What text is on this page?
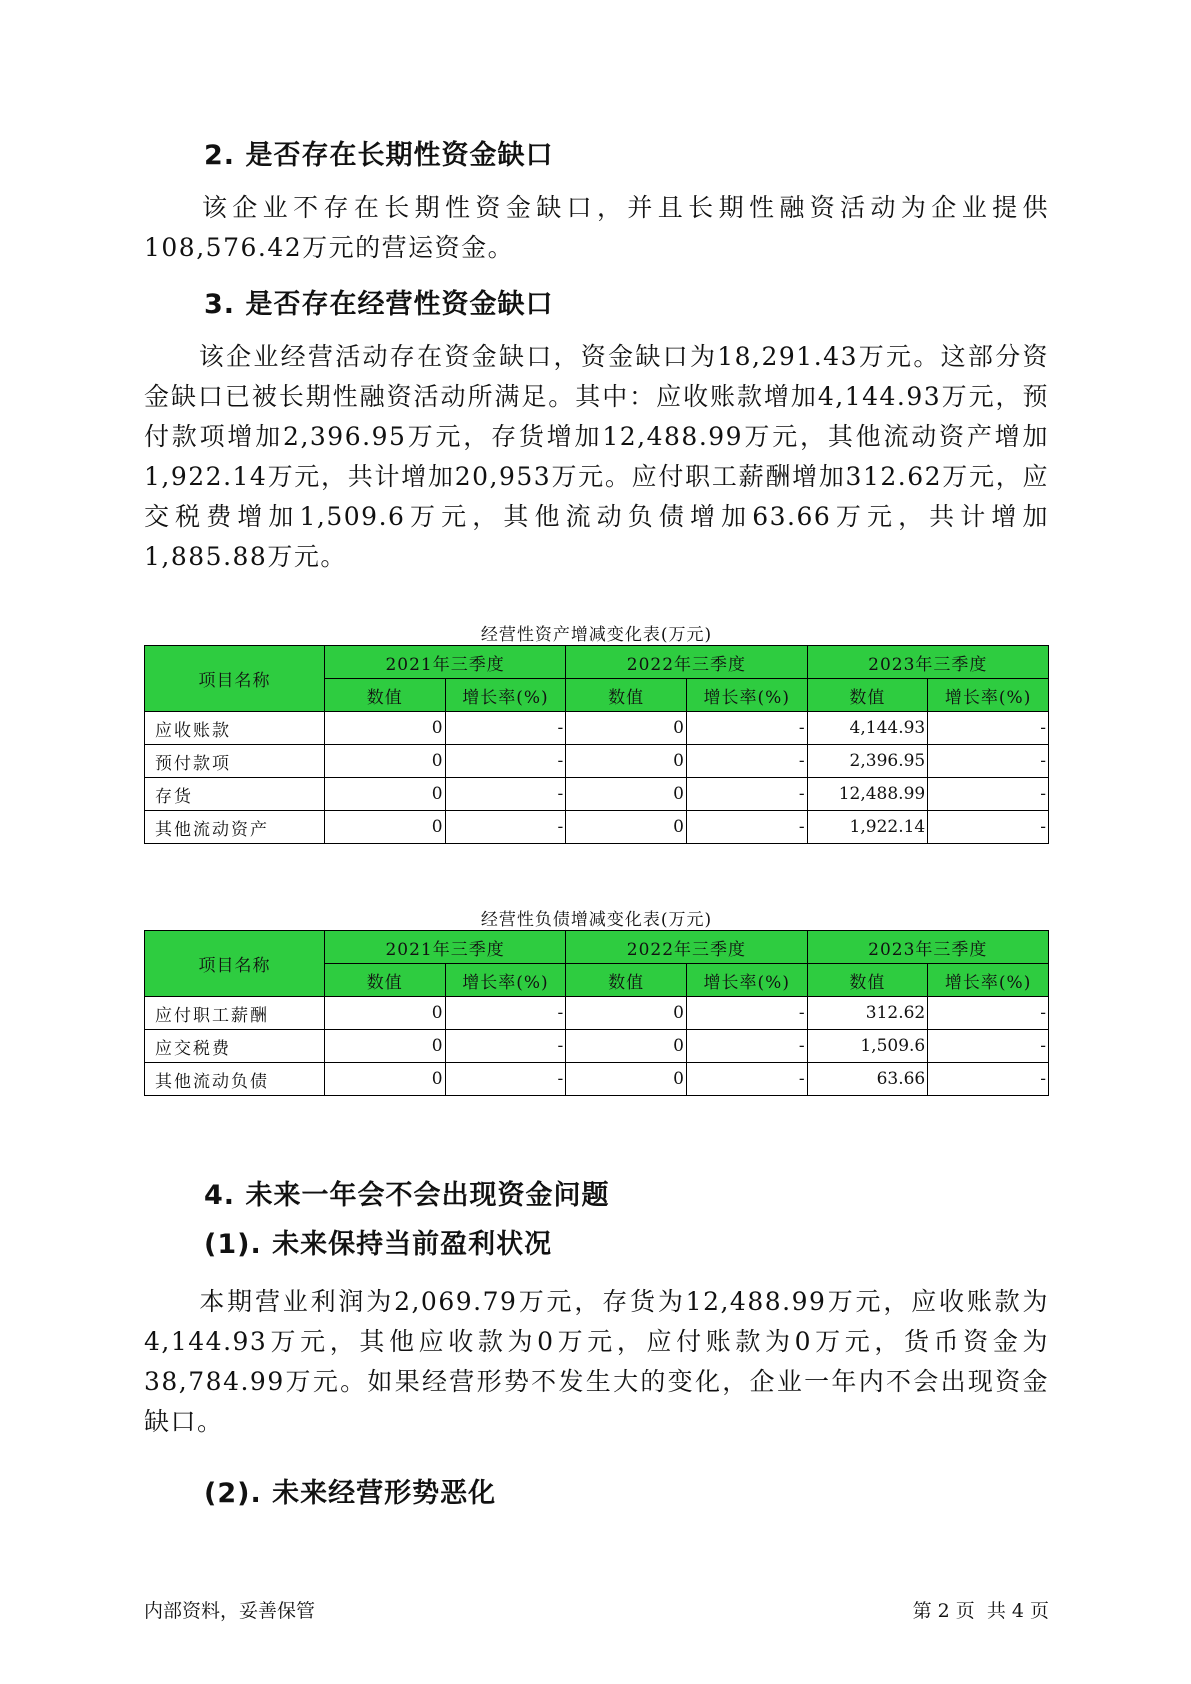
2. 是否存在长期性资金缺口
该企业不存在长期性资金缺口，并且长期性融资活动为企业提供108,576.42万元的营运资金。
3. 是否存在经营性资金缺口
该企业经营活动存在资金缺口，资金缺口为18,291.43万元。这部分资金缺口已被长期性融资活动所满足。其中：应收账款增加4,144.93万元，预付款项增加2,396.95万元，存货增加12,488.99万元，其他流动资产增加1,922.14万元，共计增加20,953万元。应付职工薪酬增加312.62万元，应交税费增加1,509.6万元，其他流动负债增加63.66万元，共计增加1,885.88万元。
经营性资产增减变化表(万元)
项目名称	2021年三季度		2022年三季度		2023年三季度	
	数值	增长率(%)	数值	增长率(%)	数值	增长率(%)
应收账款	0	-	0	-	4,144.93	-
预付款项	0	-	0	-	2,396.95	-
存货	0	-	0	-	12,488.99	-
其他流动资产	0	-	0	-	1,922.14	-
经营性负债增减变化表(万元)
项目名称	2021年三季度		2022年三季度		2023年三季度	
	数值	增长率(%)	数值	增长率(%)	数值	增长率(%)
应付职工薪酬	0	-	0	-	312.62	-
应交税费	0	-	0	-	1,509.6	-
其他流动负债	0	-	0	-	63.66	-
4. 未来一年会不会出现资金问题
(1). 未来保持当前盈利状况
本期营业利润为2,069.79万元，存货为12,488.99万元，应收账款为4,144.93万元，其他应收款为0万元，应付账款为0万元，货币资金为38,784.99万元。如果经营形势不发生大的变化，企业一年内不会出现资金缺口。
(2). 未来经营形势恶化
内部资料，妥善保管	第 2 页  共 4 页
